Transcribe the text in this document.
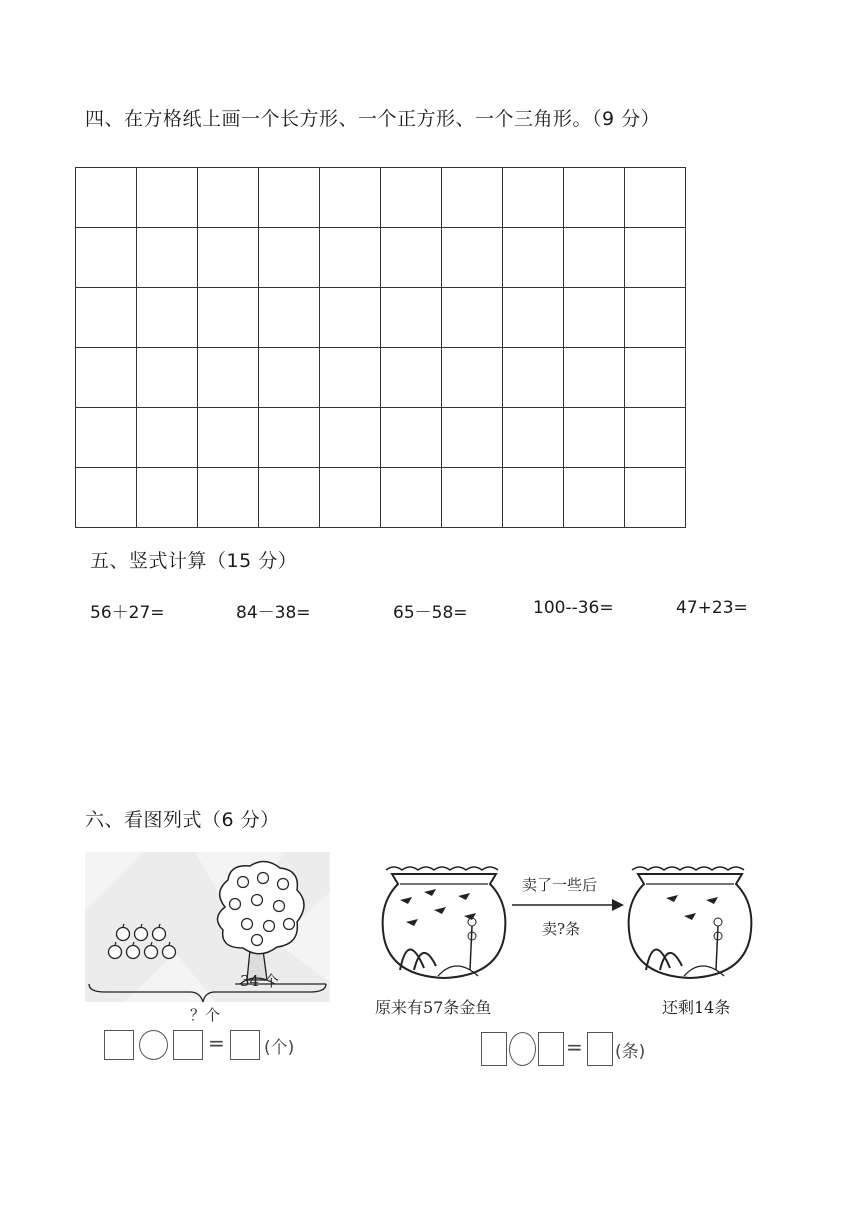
四、在方格纸上画一个长方形、一个正方形、一个三角形。（9 分）

五、竖式计算（15 分）
56＋27=	84－38=	65－58=	100--36=	47+23=
六、看图列式（6 分）
34 个
？个
= (个)
卖了一些后
卖?条
原来有57条金鱼	还剩14条
= (条)
